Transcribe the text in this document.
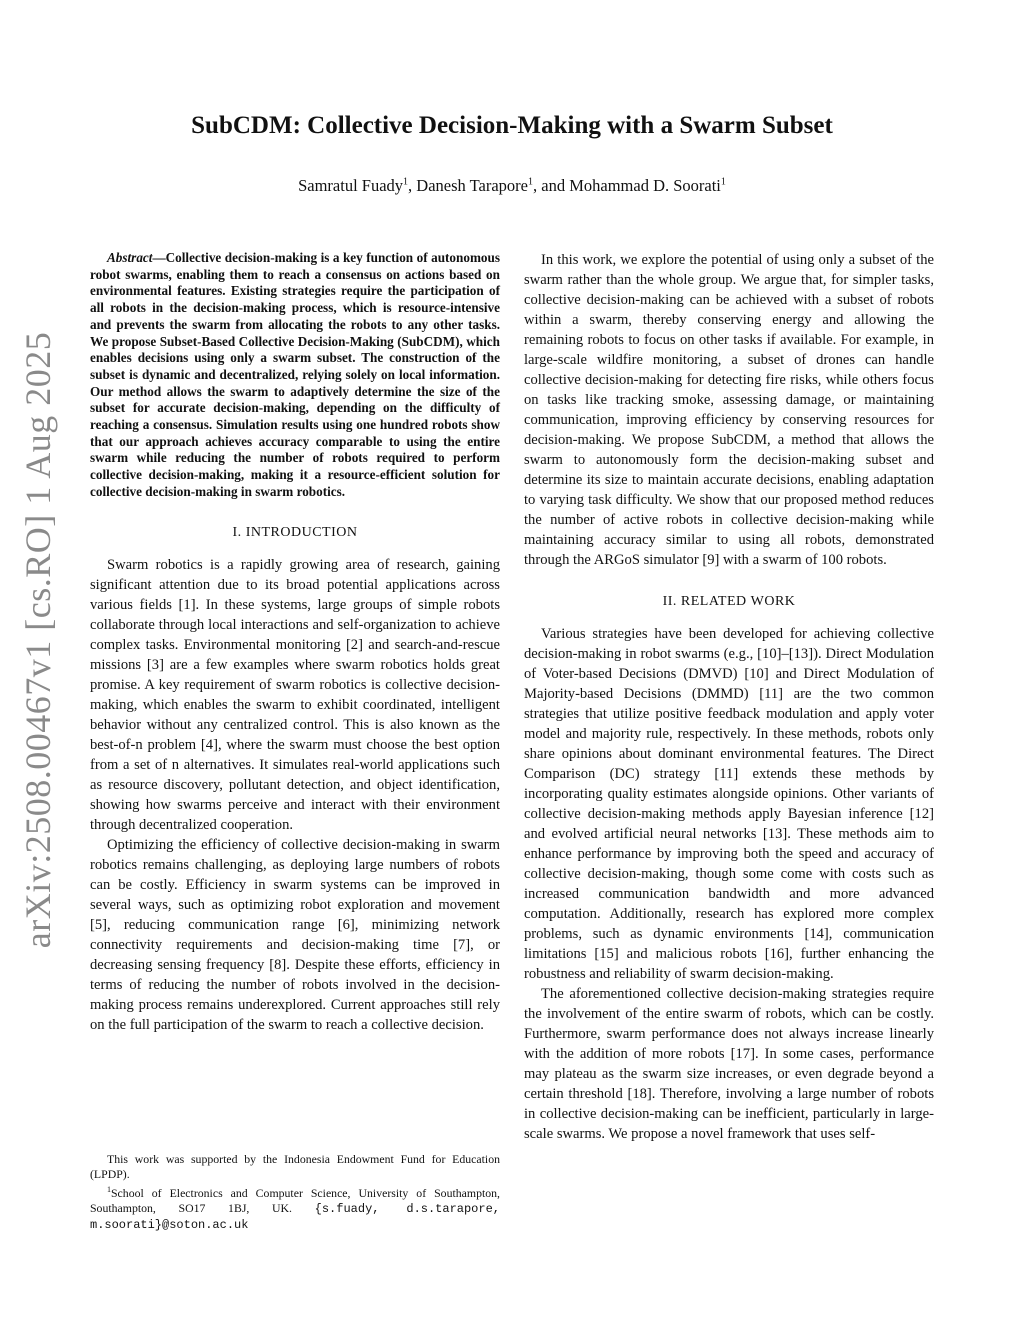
arXiv:2508.00467v1 [cs.RO] 1 Aug 2025
SubCDM: Collective Decision-Making with a Swarm Subset
Samratul Fuady$^1$, Danesh Tarapore$^1$, and Mohammad D. Soorati$^1$

Abstract—Collective decision-making is a key function of autonomous robot swarms, enabling them to reach a consensus on actions based on environmental features. Existing strategies require the participation of all robots in the decision-making process, which is resource-intensive and prevents the swarm from allocating the robots to any other tasks. We propose Subset-Based Collective Decision-Making (SubCDM), which enables decisions using only a swarm subset. The construction of the subset is dynamic and decentralized, relying solely on local information. Our method allows the swarm to adaptively determine the size of the subset for accurate decision-making, depending on the difficulty of reaching a consensus. Simulation results using one hundred robots show that our approach achieves accuracy comparable to using the entire swarm while reducing the number of robots required to perform collective decision-making, making it a resource-efficient solution for collective decision-making in swarm robotics.

I. INTRODUCTION

Swarm robotics is a rapidly growing area of research, gaining significant attention due to its broad potential applications across various fields [1]. In these systems, large groups of simple robots collaborate through local interactions and self-organization to achieve complex tasks. Environmental monitoring [2] and search-and-rescue missions [3] are a few examples where swarm robotics holds great promise. A key requirement of swarm robotics is collective decision-making, which enables the swarm to exhibit coordinated, intelligent behavior without any centralized control. This is also known as the best-of-n problem [4], where the swarm must choose the best option from a set of n alternatives. It simulates real-world applications such as resource discovery, pollutant detection, and object identification, showing how swarms perceive and interact with their environment through decentralized cooperation.

Optimizing the efficiency of collective decision-making in swarm robotics remains challenging, as deploying large numbers of robots can be costly. Efficiency in swarm systems can be improved in several ways, such as optimizing robot exploration and movement [5], reducing communication range [6], minimizing network connectivity requirements and decision-making time [7], or decreasing sensing frequency [8]. Despite these efforts, efficiency in terms of reducing the number of robots involved in the decision-making process remains underexplored. Current approaches still rely on the full participation of the swarm to reach a collective decision.

In this work, we explore the potential of using only a subset of the swarm rather than the whole group. We argue that, for simpler tasks, collective decision-making can be achieved with a subset of robots within a swarm, thereby conserving energy and allowing the remaining robots to focus on other tasks if available. For example, in large-scale wildfire monitoring, a subset of drones can handle collective decision-making for detecting fire risks, while others focus on tasks like tracking smoke, assessing damage, or maintaining communication, improving efficiency by conserving resources for decision-making. We propose SubCDM, a method that allows the swarm to autonomously form the decision-making subset and determine its size to maintain accurate decisions, enabling adaptation to varying task difficulty. We show that our proposed method reduces the number of active robots in collective decision-making while maintaining accuracy similar to using all robots, demonstrated through the ARGoS simulator [9] with a swarm of 100 robots.

II. RELATED WORK

Various strategies have been developed for achieving collective decision-making in robot swarms (e.g., [10]–[13]). Direct Modulation of Voter-based Decisions (DMVD) [10] and Direct Modulation of Majority-based Decisions (DMMD) [11] are the two common strategies that utilize positive feedback modulation and apply voter model and majority rule, respectively. In these methods, robots only share opinions about dominant environmental features. The Direct Comparison (DC) strategy [11] extends these methods by incorporating quality estimates alongside opinions. Other variants of collective decision-making methods apply Bayesian inference [12] and evolved artificial neural networks [13]. These methods aim to enhance performance by improving both the speed and accuracy of collective decision-making, though some come with costs such as increased communication bandwidth and more advanced computation. Additionally, research has explored more complex problems, such as dynamic environments [14], communication limitations [15] and malicious robots [16], further enhancing the robustness and reliability of swarm decision-making.

The aforementioned collective decision-making strategies require the involvement of the entire swarm of robots, which can be costly. Furthermore, swarm performance does not always increase linearly with the addition of more robots [17]. In some cases, performance may plateau as the swarm size increases, or even degrade beyond a certain threshold [18]. Therefore, involving a large number of robots in collective decision-making can be inefficient, particularly in large-scale swarms. We propose a novel framework that uses self-

This work was supported by the Indonesia Endowment Fund for Education (LPDP).

$^1$School of Electronics and Computer Science, University of Southampton, Southampton, SO17 1BJ, UK. {s.fuady, d.s.tarapore, m.soorati}@soton.ac.uk
